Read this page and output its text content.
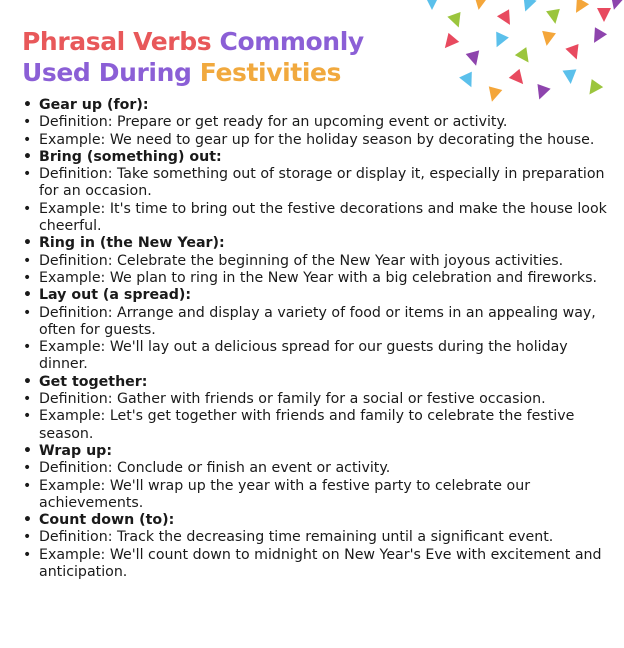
Phrasal Verbs Commonly
Used During Festivities
• Gear up (for):
• Definition: Prepare or get ready for an upcoming event or activity.
• Example: We need to gear up for the holiday season by decorating the house.
• Bring (something) out:
• Definition: Take something out of storage or display it, especially in preparation for an occasion.
• Example: It's time to bring out the festive decorations and make the house look cheerful.
• Ring in (the New Year):
• Definition: Celebrate the beginning of the New Year with joyous activities.
• Example: We plan to ring in the New Year with a big celebration and fireworks.
• Lay out (a spread):
• Definition: Arrange and display a variety of food or items in an appealing way, often for guests.
• Example: We'll lay out a delicious spread for our guests during the holiday dinner.
• Get together:
• Definition: Gather with friends or family for a social or festive occasion.
• Example: Let's get together with friends and family to celebrate the festive season.
• Wrap up:
• Definition: Conclude or finish an event or activity.
• Example: We'll wrap up the year with a festive party to celebrate our achievements.
• Count down (to):
• Definition: Track the decreasing time remaining until a significant event.
• Example: We'll count down to midnight on New Year's Eve with excitement and anticipation.
